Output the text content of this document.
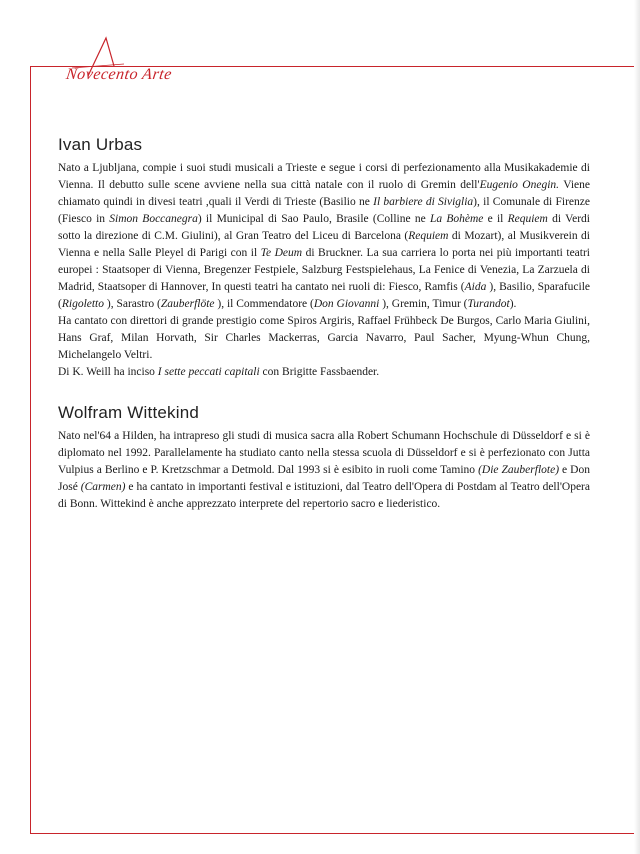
Novecento Arte
Ivan Urbas

Nato a Ljubljana, compie i suoi studi musicali a Trieste e segue i corsi di perfezionamento alla Musikakademie di Vienna. Il debutto sulle scene avviene nella sua città natale con il ruolo di Gremin dell'Eugenio Onegin. Viene chiamato quindi in divesi teatri ,quali il Verdi di Trieste (Basilio ne Il barbiere di Siviglia), il Comunale di Firenze (Fiesco in Simon Boccanegra) il Municipal di Sao Paulo, Brasile (Colline ne La Bohème e il Requiem di Verdi sotto la direzione di C.M. Giulini), al Gran Teatro del Liceu di Barcelona (Requiem di Mozart), al Musikverein di Vienna e nella Salle Pleyel di Parigi con il Te Deum di Bruckner. La sua carriera lo porta nei più importanti teatri europei : Staatsoper di Vienna, Bregenzer Festpiele, Salzburg Festspielehaus, La Fenice di Venezia, La Zarzuela di Madrid, Staatsoper di Hannover, In questi teatri ha cantato nei ruoli di: Fiesco, Ramfis (Aida ), Basilio, Sparafucile (Rigoletto ), Sarastro (Zauberflöte ), il Commendatore (Don Giovanni ), Gremin, Timur (Turandot).

Ha cantato con direttori di grande prestigio come Spiros Argiris, Raffael Frühbeck De Burgos, Carlo Maria Giulini, Hans Graf, Milan Horvath, Sir Charles Mackerras, Garcia Navarro, Paul Sacher, Myung-Whun Chung, Michelangelo Veltri.

Di K. Weill ha inciso I sette peccati capitali con Brigitte Fassbaender.

Wolfram Wittekind

Nato nel'64 a Hilden, ha intrapreso gli studi di musica sacra alla Robert Schumann Hochschule di Düsseldorf e si è diplomato nel 1992. Parallelamente ha studiato canto nella stessa scuola di Düsseldorf e si è perfezionato con Jutta Vulpius a Berlino e P. Kretzschmar a Detmold. Dal 1993 si è esibito in ruoli come Tamino (Die Zauberflote) e Don José (Carmen) e ha cantato in importanti festival e istituzioni, dal Teatro dell'Opera di Postdam al Teatro dell'Opera di Bonn. Wittekind è anche apprezzato interprete del repertorio sacro e liederistico.
